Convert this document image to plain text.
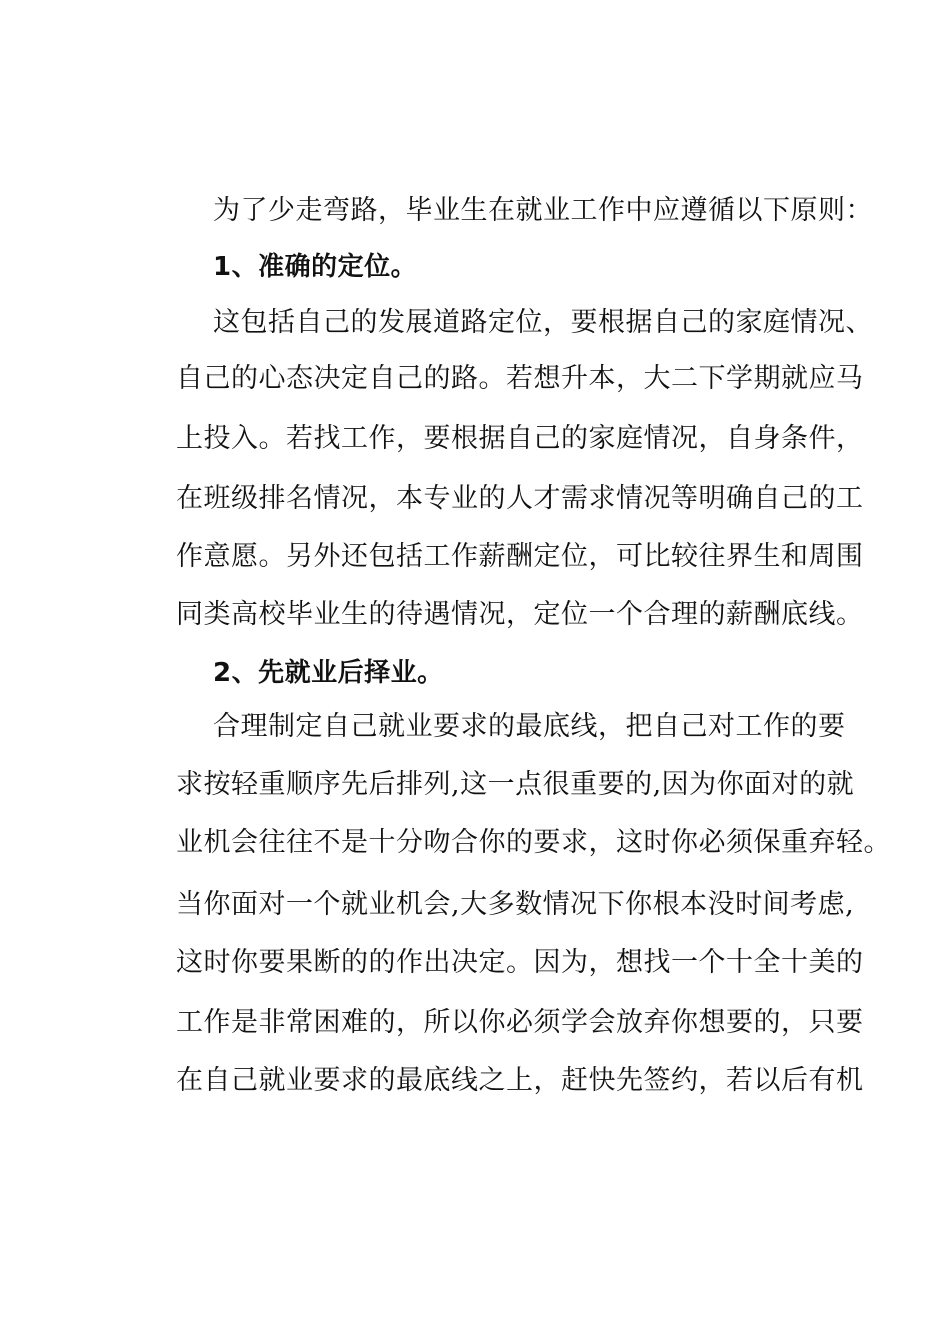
为了少走弯路，毕业生在就业工作中应遵循以下原则：
1、准确的定位。
这包括自己的发展道路定位，要根据自己的家庭情况、
自己的心态决定自己的路。若想升本，大二下学期就应马
上投入。若找工作，要根据自己的家庭情况，自身条件，
在班级排名情况，本专业的人才需求情况等明确自己的工
作意愿。另外还包括工作薪酬定位，可比较往界生和周围
同类高校毕业生的待遇情况，定位一个合理的薪酬底线。
2、先就业后择业。
合理制定自己就业要求的最底线，把自己对工作的要
求按轻重顺序先后排列,这一点很重要的,因为你面对的就
业机会往往不是十分吻合你的要求，这时你必须保重弃轻。
当你面对一个就业机会,大多数情况下你根本没时间考虑,
这时你要果断的的作出决定。因为，想找一个十全十美的
工作是非常困难的，所以你必须学会放弃你想要的，只要
在自己就业要求的最底线之上，赶快先签约，若以后有机
